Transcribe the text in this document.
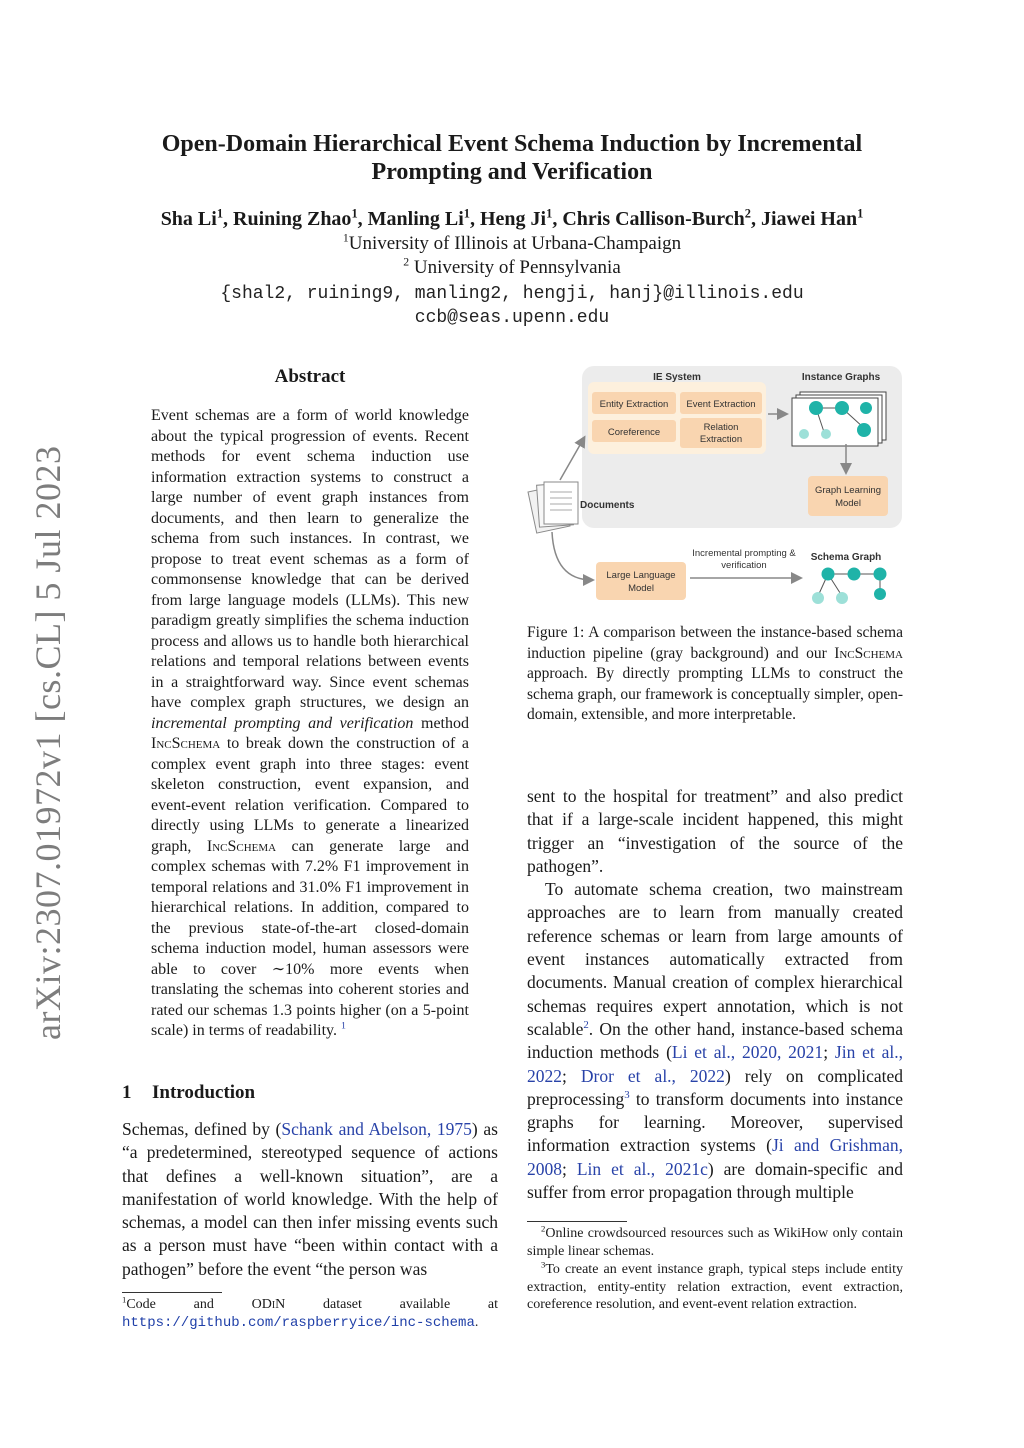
arXiv:2307.01972v1 [cs.CL] 5 Jul 2023
Open-Domain Hierarchical Event Schema Induction by Incremental
Prompting and Verification
Sha Li$^1$, Ruining Zhao$^1$, Manling Li$^1$, Heng Ji$^1$, Chris Callison-Burch$^2$, Jiawei Han$^1$
$^1$University of Illinois at Urbana-Champaign
$^2$ University of Pennsylvania
{shal2, ruining9, manling2, hengji, hanj}@illinois.edu
ccb@seas.upenn.edu
Abstract
Event schemas are a form of world knowledge about the typical progression of events. Recent methods for event schema induction use information extraction systems to construct a large number of event graph instances from documents, and then learn to generalize the schema from such instances. In contrast, we propose to treat event schemas as a form of commonsense knowledge that can be derived from large language models (LLMs). This new paradigm greatly simplifies the schema induction process and allows us to handle both hierarchical relations and temporal relations between events in a straightforward way. Since event schemas have complex graph structures, we design an incremental prompting and verification method IncSchema to break down the construction of a complex event graph into three stages: event skeleton construction, event expansion, and event-event relation verification. Compared to directly using LLMs to generate a linearized graph, IncSchema can generate large and complex schemas with 7.2% F1 improvement in temporal relations and 31.0% F1 improvement in hierarchical relations. In addition, compared to the previous state-of-the-art closed-domain schema induction model, human assessors were able to cover ∼10% more events when translating the schemas into coherent stories and rated our schemas 1.3 points higher (on a 5-point scale) in terms of readability. $^1$
1 Introduction
Schemas, defined by (Schank and Abelson, 1975) as “a predetermined, stereotyped sequence of actions that defines a well-known situation”, are a manifestation of world knowledge. With the help of schemas, a model can then infer missing events such as a person must have “been within contact with a pathogen” before the event “the person was
$^1$Code and ODiN dataset available at https://github.com/raspberryice/inc-schema.
IE System	Instance Graphs
Entity Extraction Event Extraction
Coreference	Relation
Extraction
Graph Learning
Model
Documents
Large Language
Model
Incremental prompting &
verification
Schema Graph
Figure 1: A comparison between the instance-based schema induction pipeline (gray background) and our IncSchema approach. By directly prompting LLMs to construct the schema graph, our framework is conceptually simpler, open-domain, extensible, and more interpretable.

sent to the hospital for treatment” and also predict that if a large-scale incident happened, this might trigger an “investigation of the source of the pathogen”.

To automate schema creation, two mainstream approaches are to learn from manually created reference schemas or learn from large amounts of event instances automatically extracted from documents. Manual creation of complex hierarchical schemas requires expert annotation, which is not scalable$^2$. On the other hand, instance-based schema induction methods (Li et al., 2020, 2021; Jin et al., 2022; Dror et al., 2022) rely on complicated preprocessing$^3$ to transform documents into instance graphs for learning. Moreover, supervised information extraction systems (Ji and Grishman, 2008; Lin et al., 2021c) are domain-specific and suffer from error propagation through multiple

$^2$Online crowdsourced resources such as WikiHow only contain simple linear schemas.
$^3$To create an event instance graph, typical steps include entity extraction, entity-entity relation extraction, event extraction, coreference resolution, and event-event relation extraction.
